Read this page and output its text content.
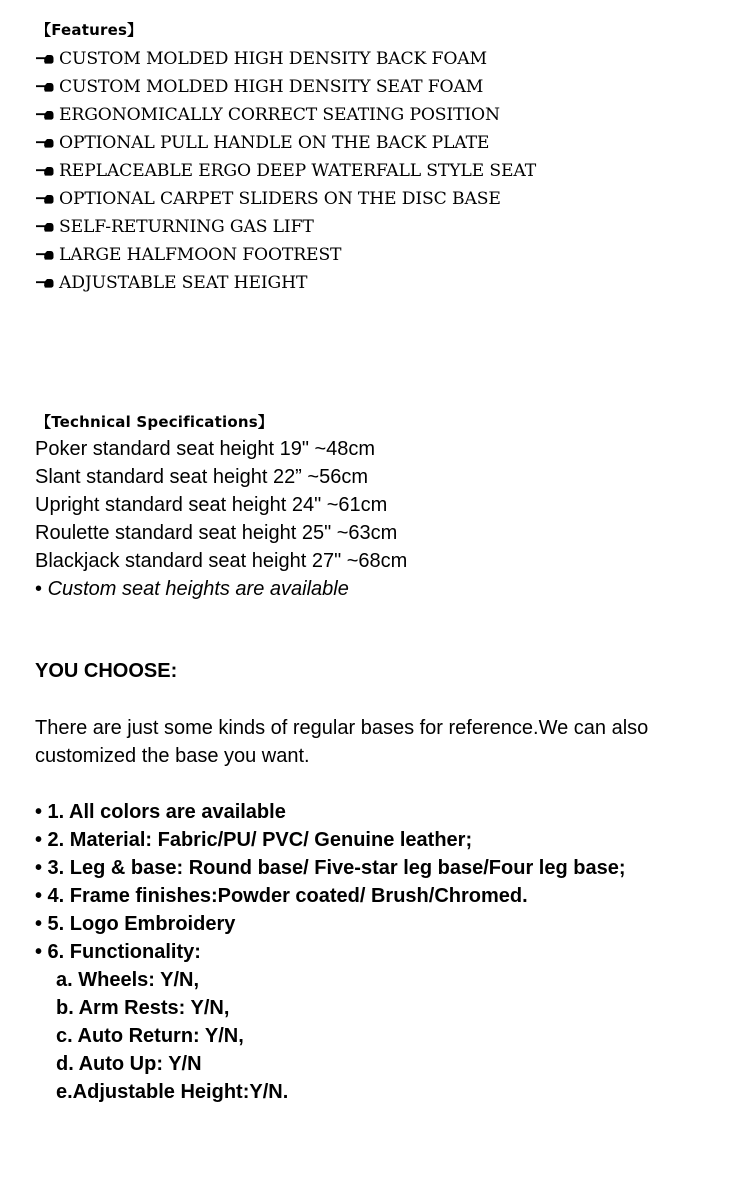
【Features】
CUSTOM MOLDED HIGH DENSITY BACK FOAM
CUSTOM MOLDED HIGH DENSITY SEAT FOAM
ERGONOMICALLY CORRECT SEATING POSITION
OPTIONAL PULL HANDLE ON THE BACK PLATE
REPLACEABLE ERGO DEEP WATERFALL STYLE SEAT
OPTIONAL CARPET SLIDERS ON THE DISC BASE
SELF-RETURNING GAS LIFT
LARGE HALFMOON FOOTREST
ADJUSTABLE SEAT HEIGHT
【Technical Specifications】
Poker standard seat height 19" ~48cm
Slant standard seat height 22” ~56cm
Upright standard seat height 24" ~61cm
Roulette standard seat height 25" ~63cm
Blackjack standard seat height 27" ~68cm
• Custom seat heights are available
YOU CHOOSE:

There are just some kinds of regular bases for reference.We can also customized the base you want.

• 1. All colors are available
• 2. Material: Fabric/PU/ PVC/ Genuine leather;
• 3. Leg & base: Round base/ Five-star leg base/Four leg base;
• 4. Frame finishes:Powder coated/ Brush/Chromed.
• 5. Logo Embroidery
• 6. Functionality:
a. Wheels: Y/N,
b. Arm Rests: Y/N,
c. Auto Return: Y/N,
d. Auto Up: Y/N
e.Adjustable Height:Y/N.
